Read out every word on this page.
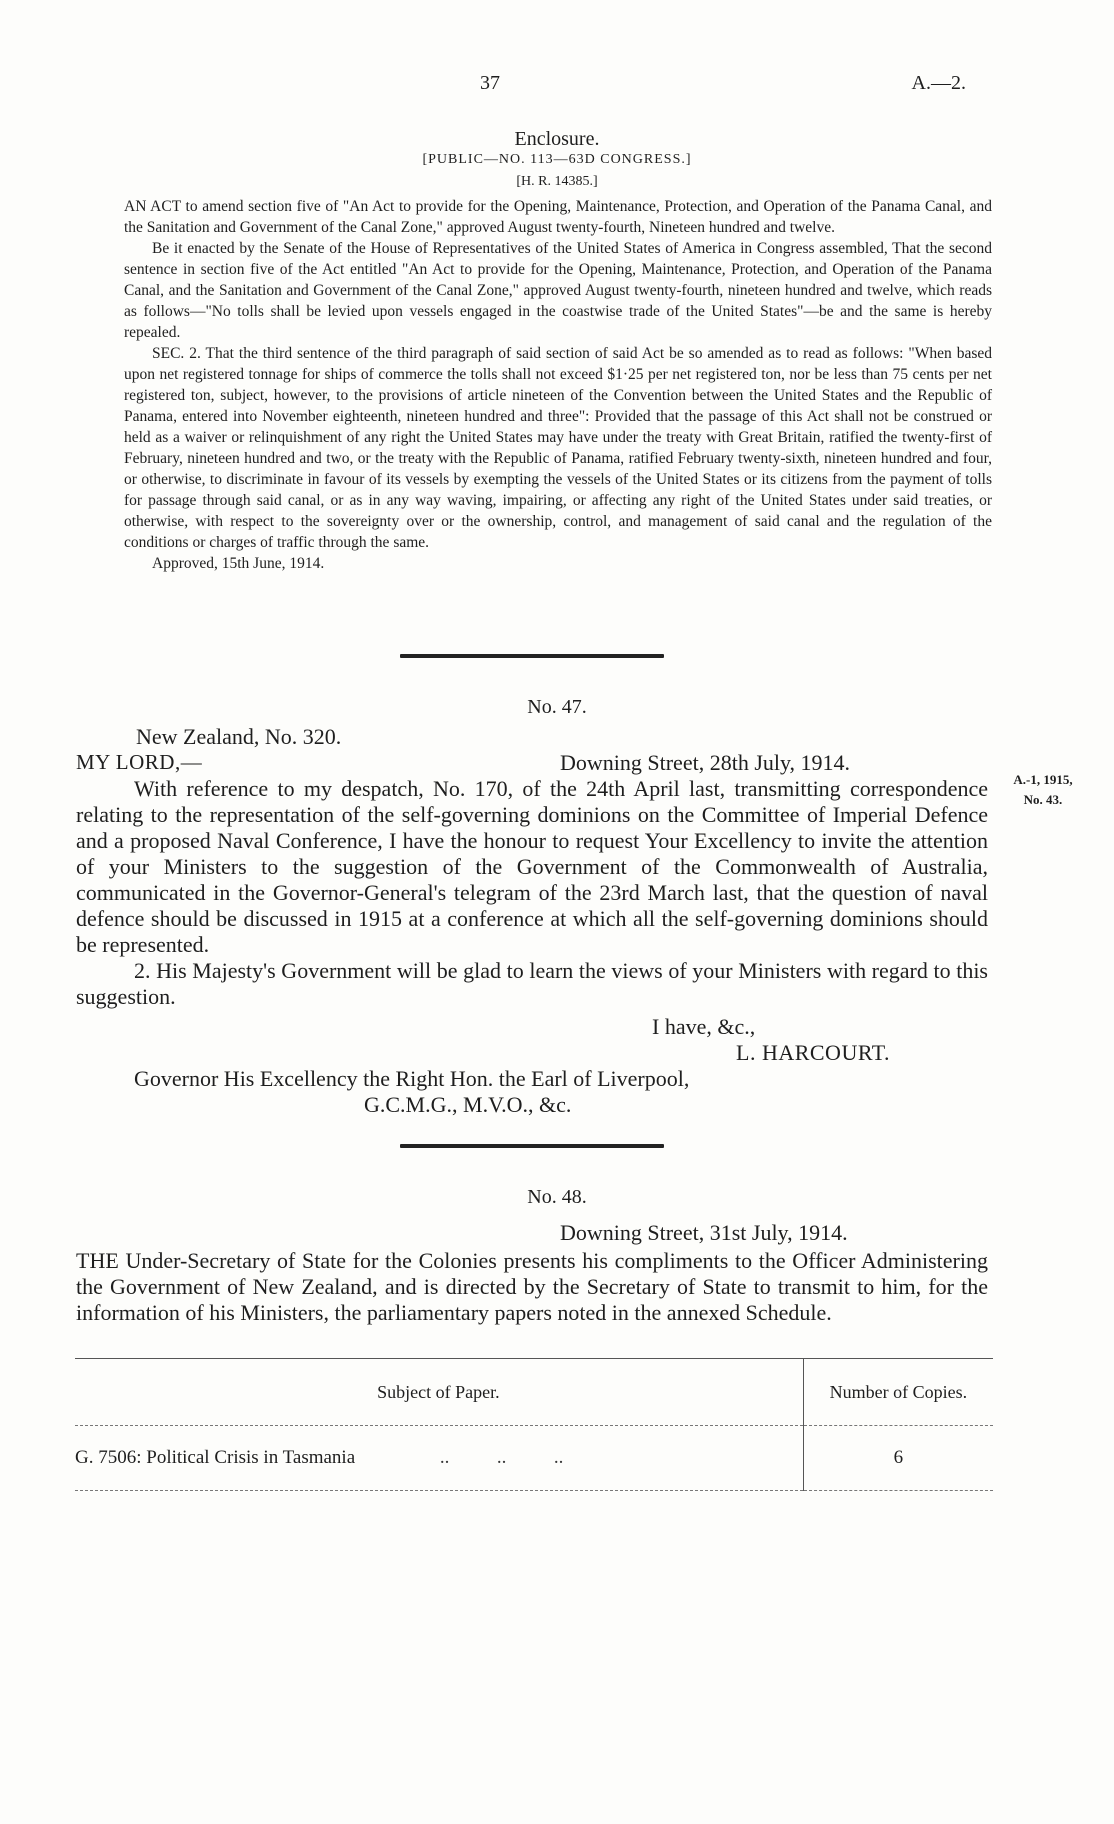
37	A.—2.
Enclosure.
[PUBLIC—NO. 113—63D CONGRESS.]
[H. R. 14385.]

AN ACT to amend section five of "An Act to provide for the Opening, Maintenance, Protection, and Operation of the Panama Canal, and the Sanitation and Government of the Canal Zone," approved August twenty-fourth, Nineteen hundred and twelve.

Be it enacted by the Senate of the House of Representatives of the United States of America in Congress assembled, That the second sentence in section five of the Act entitled "An Act to provide for the Opening, Maintenance, Protection, and Operation of the Panama Canal, and the Sanitation and Government of the Canal Zone," approved August twenty-fourth, nineteen hundred and twelve, which reads as follows—"No tolls shall be levied upon vessels engaged in the coastwise trade of the United States"—be and the same is hereby repealed.

SEC. 2. That the third sentence of the third paragraph of said section of said Act be so amended as to read as follows: "When based upon net registered tonnage for ships of commerce the tolls shall not exceed $1·25 per net registered ton, nor be less than 75 cents per net registered ton, subject, however, to the provisions of article nineteen of the Convention between the United States and the Republic of Panama, entered into November eighteenth, nineteen hundred and three": Provided that the passage of this Act shall not be construed or held as a waiver or relinquishment of any right the United States may have under the treaty with Great Britain, ratified the twenty-first of February, nineteen hundred and two, or the treaty with the Republic of Panama, ratified February twenty-sixth, nineteen hundred and four, or otherwise, to discriminate in favour of its vessels by exempting the vessels of the United States or its citizens from the payment of tolls for passage through said canal, or as in any way waving, impairing, or affecting any right of the United States under said treaties, or otherwise, with respect to the sovereignty over or the ownership, control, and management of said canal and the regulation of the conditions or charges of traffic through the same.

Approved, 15th June, 1914.

No. 47.
New Zealand, No. 320.
MY LORD,—	Downing Street, 28th July, 1914.

With reference to my despatch, No. 170, of the 24th April last, transmitting correspondence relating to the representation of the self-governing dominions on the Committee of Imperial Defence and a proposed Naval Conference, I have the honour to request Your Excellency to invite the attention of your Ministers to the suggestion of the Government of the Commonwealth of Australia, communicated in the Governor-General's telegram of the 23rd March last, that the question of naval defence should be discussed in 1915 at a conference at which all the self-governing dominions should be represented.

2. His Majesty's Government will be glad to learn the views of your Ministers with regard to this suggestion.

A.-1, 1915,
No. 43.
I have, &c.,
L. HARCOURT.
Governor His Excellency the Right Hon. the Earl of Liverpool,
G.C.M.G., M.V.O., &c.
No. 48.
Downing Street, 31st July, 1914.

THE Under-Secretary of State for the Colonies presents his compliments to the Officer Administering the Government of New Zealand, and is directed by the Secretary of State to transmit to him, for the information of his Ministers, the parliamentary papers noted in the annexed Schedule.

Subject of Paper.	Number of Copies.
G. 7506: Political Crisis in Tasmania ..          ..          ..	6
